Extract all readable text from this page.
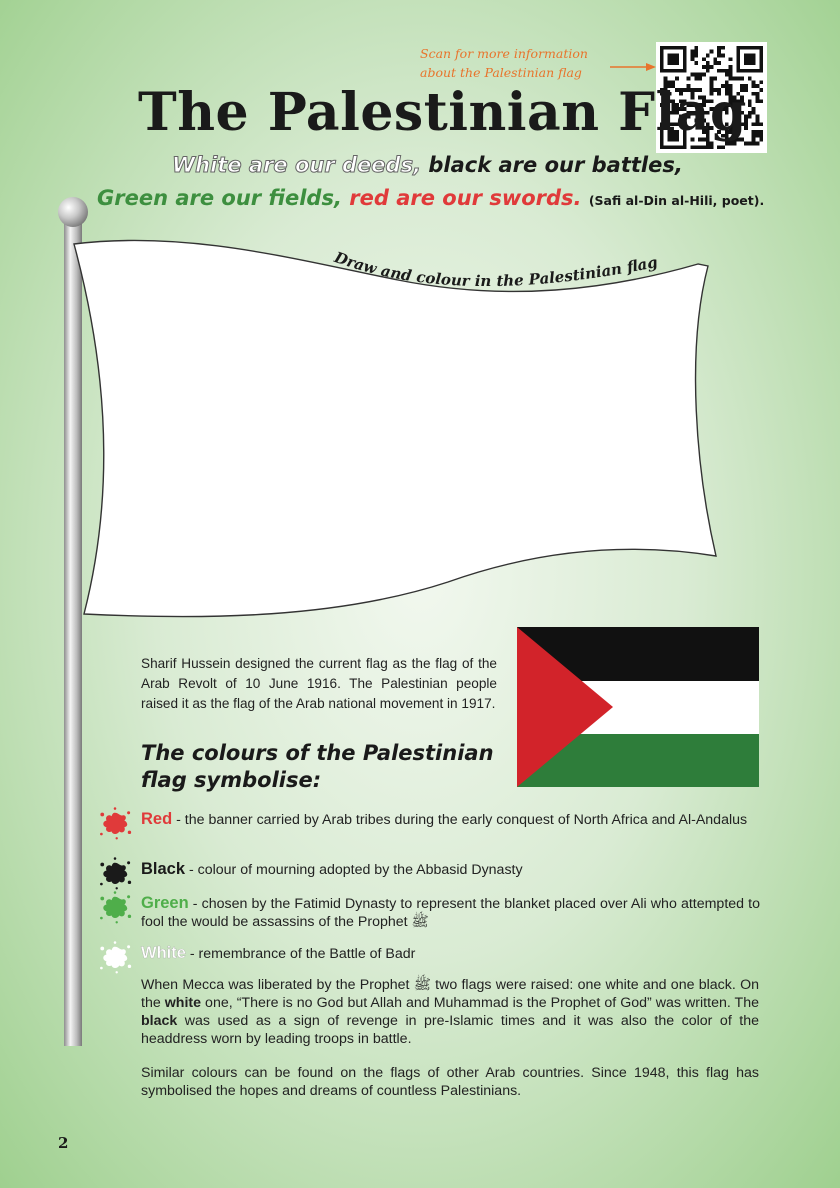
Scan for more information
about the Palestinian flag
The Palestinian Flag
White are our deeds, black are our battles,
Green are our fields, red are our swords. (Safi al-Din al-Hili, poet).
Draw and colour in the Palestinian flag
Sharif Hussein designed the current flag as the flag of the Arab Revolt of 10 June 1916. The Palestinian people raised it as the flag of the Arab national movement in 1917.
The colours of the Palestinian
flag symbolise:
Red - the banner carried by Arab tribes during the early conquest of North Africa and Al-Andalus
Black - colour of mourning adopted by the Abbasid Dynasty
Green - chosen by the Fatimid Dynasty to represent the blanket placed over Ali who attempted to fool the would be assassins of the Prophet ﷺ
White - remembrance of the Battle of Badr
When Mecca was liberated by the Prophet ﷺ two flags were raised: one white and one black. On the white one, “There is no God but Allah and Muhammad is the Prophet of God” was written. The black was used as a sign of revenge in pre-Islamic times and it was also the color of the headdress worn by leading troops in battle.
Similar colours can be found on the flags of other Arab countries. Since 1948, this flag has symbolised the hopes and dreams of countless Palestinians.
2
